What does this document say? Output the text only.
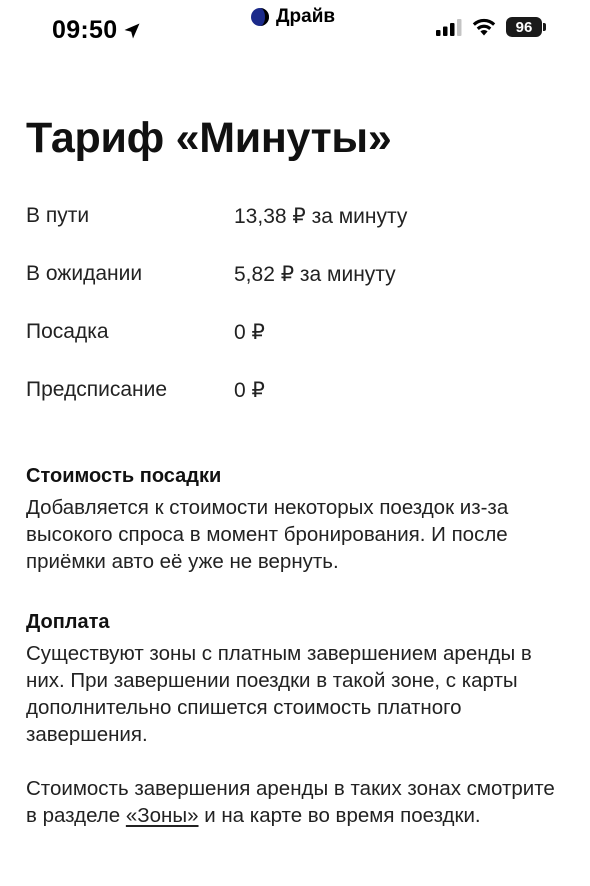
09:50	Драйв	96
Тариф «Минуты»
В пути	13,38 ₽ за минуту
В ожидании	5,82 ₽ за минуту
Посадка	0 ₽
Предсписание	0 ₽
Стоимость посадки

Добавляется к стоимости некоторых поездок из-за высокого спроса в момент бронирования. И после приёмки авто её уже не вернуть.

Доплата

Существуют зоны с платным завершением аренды в них. При завершении поездки в такой зоне, с карты дополнительно спишется стоимость платного завершения.

Стоимость завершения аренды в таких зонах смотрите в разделе «Зоны» и на карте во время поездки.
